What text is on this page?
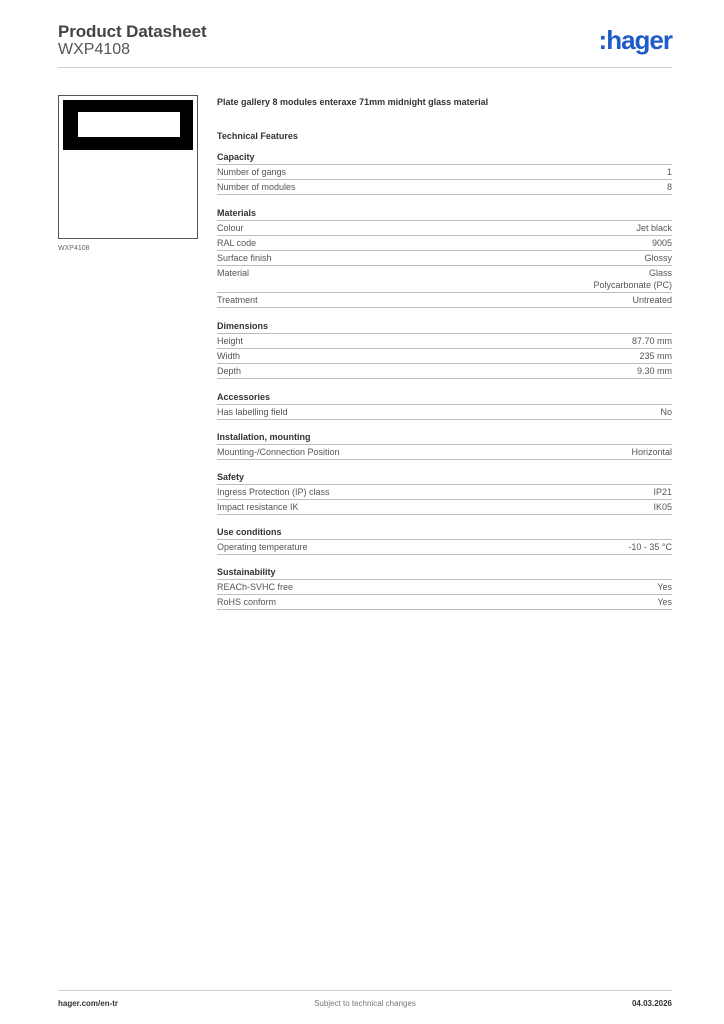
Product Datasheet
WXP4108	:hager
WXP4108
Plate gallery 8 modules enteraxe 71mm midnight glass material
Technical Features
Capacity
Number of gangs	1
Number of modules	8
Materials
Colour	Jet black
RAL code	9005
Surface finish	Glossy
Material	Glass
Polycarbonate (PC)
Treatment	Untreated
Dimensions
Height	87.70 mm
Width	235 mm
Depth	9.30 mm
Accessories
Has labelling field	No
Installation, mounting
Mounting-/Connection Position	Horizontal
Safety
Ingress Protection (IP) class	IP21
Impact resistance IK	IK05
Use conditions
Operating temperature	-10 - 35 °C
Sustainability
REACh-SVHC free	Yes
RoHS conform	Yes
hager.com/en-tr	Subject to technical changes	04.03.2026
